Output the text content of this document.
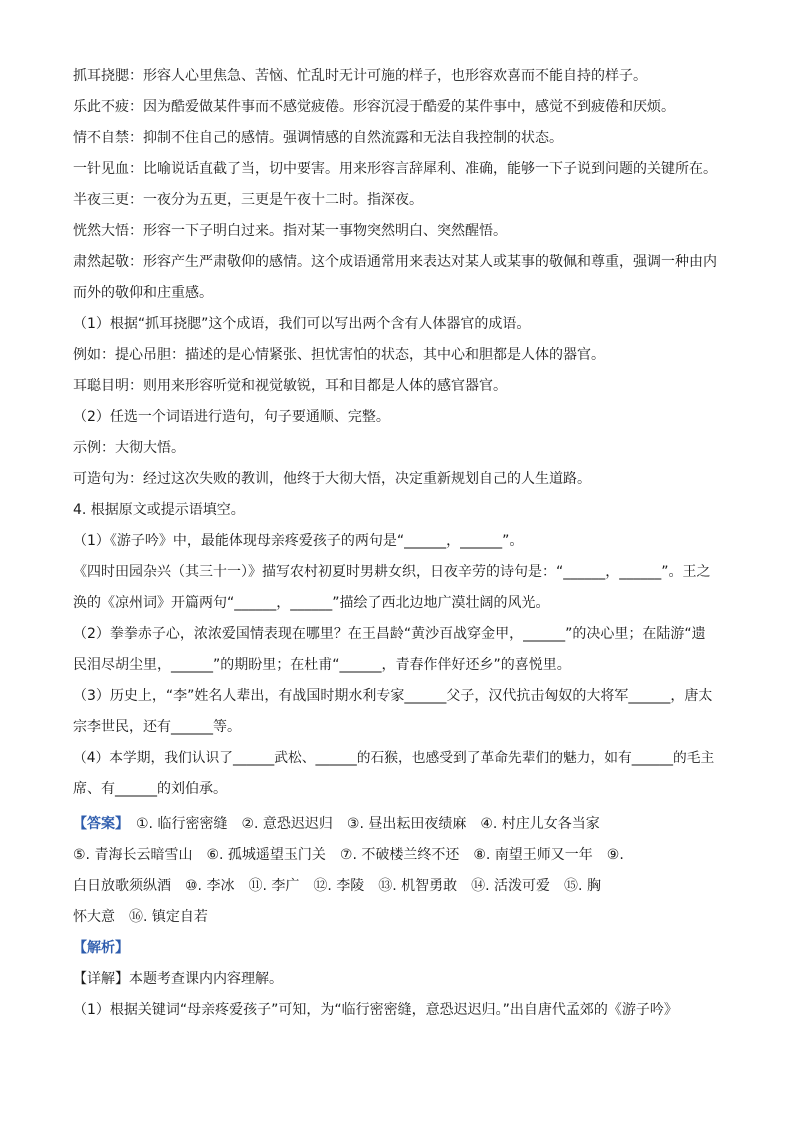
抓耳挠腮：形容人心里焦急、苦恼、忙乱时无计可施的样子，也形容欢喜而不能自持的样子。
乐此不疲：因为酷爱做某件事而不感觉疲倦。形容沉浸于酷爱的某件事中，感觉不到疲倦和厌烦。
情不自禁：抑制不住自己的感情。强调情感的自然流露和无法自我控制的状态。
一针见血：比喻说话直截了当，切中要害。用来形容言辞犀利、准确，能够一下子说到问题的关键所在。
半夜三更：一夜分为五更，三更是午夜十二时。指深夜。
恍然大悟：形容一下子明白过来。指对某一事物突然明白、突然醒悟。
肃然起敬：形容产生严肃敬仰的感情。这个成语通常用来表达对某人或某事的敬佩和尊重，强调一种由内
而外的敬仰和庄重感。
（1）根据“抓耳挠腮”这个成语，我们可以写出两个含有人体器官的成语。
例如：提心吊胆：描述的是心情紧张、担忧害怕的状态，其中心和胆都是人体的器官。
耳聪目明：则用来形容听觉和视觉敏锐，耳和目都是人体的感官器官。
（2）任选一个词语进行造句，句子要通顺、完整。
示例：大彻大悟。
可造句为：经过这次失败的教训，他终于大彻大悟，决定重新规划自己的人生道路。
4. 根据原文或提示语填空。
（1）《游子吟》中，最能体现母亲疼爱孩子的两句是“______，______”。
《四时田园杂兴（其三十一）》描写农村初夏时男耕女织，日夜辛劳的诗句是：“______，______”。王之
涣的《凉州词》开篇两句“______，______”描绘了西北边地广漠壮阔的风光。
（2）拳拳赤子心，浓浓爱国情表现在哪里？在王昌龄“黄沙百战穿金甲，______”的决心里；在陆游“遗
民泪尽胡尘里，______”的期盼里；在杜甫“______，青春作伴好还乡”的喜悦里。
（3）历史上，“李”姓名人辈出，有战国时期水利专家______父子，汉代抗击匈奴的大将军______，唐太
宗李世民，还有______等。
（4）本学期，我们认识了______武松、______的石猴，也感受到了革命先辈们的魅力，如有______的毛主
席、有______的刘伯承。
【答案】　 ①. 临行密密缝　②. 意恐迟迟归　③. 昼出耘田夜绩麻　④. 村庄儿女各当家
⑤. 青海长云暗雪山　⑥. 孤城遥望玉门关　⑦. 不破楼兰终不还　⑧. 南望王师又一年　⑨.
白日放歌须纵酒　⑩. 李冰　⑪. 李广　⑫. 李陵　⑬. 机智勇敢　⑭. 活泼可爱　⑮. 胸
怀大意　⑯. 镇定自若
【解析】
【详解】本题考查课内内容理解。
（1）根据关键词“母亲疼爱孩子”可知，为“临行密密缝，意恐迟迟归。”出自唐代孟郊的《游子吟》
